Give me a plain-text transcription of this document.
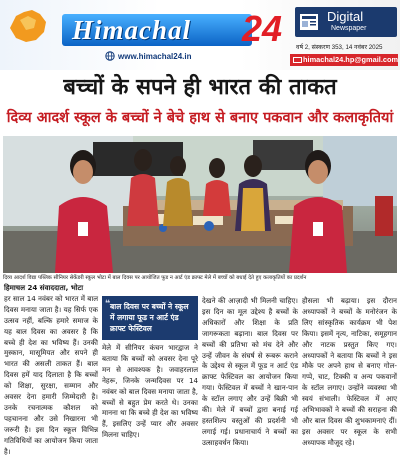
Himachal	24
www.himachal24.in
Digital
Newspaper
वर्ष 2, संस्करण 353, 14 नवंबर 2025
himachal24.hp@gmail.com
बच्चों के सपने ही भारत की ताकत
दिव्य आदर्श स्कूल के बच्चों ने बेचे हाथ से बनाए पकवान और कलाकृतियां
दिव्य आदर्श विद्या पब्लिक सीनियर सेकेंडरी स्कूल भोटा में बाल दिवस पर आयोजित फूड न आर्ट एंड क्राफ्ट मेले में बच्चों को बधाई देते हुए कलाकृतियों का प्रदर्शन
हिमाचल 24 संवाददाता, भोटा
हर साल 14 नवंबर को भारत में बाल दिवस मनाया जाता है। यह सिर्फ एक उत्सव नहीं, बल्कि हमारे समाज के यह बाल दिवस का अवसर है कि बच्चे ही देश का भविष्य हैं। उनकी मुस्कान, मासूमियत और सपने ही भारत की असली ताकत हैं। बाल दिवस हमें याद दिलाता है कि बच्चों को शिक्षा, सुरक्षा, सम्मान और अवसर देना हमारी जिम्मेदारी है। उनके रचनात्मक कौशल को पहचानना और उसे निखारना भी जरूरी है। इस दिन स्कूल विभिन्न गतिविधियों का आयोजन किया जाता है।
❝ बाल दिवस पर बच्चों ने स्कूल में लगाया फूड न आर्ट एंड क्राफ्ट फेस्टिवल
मेले में सीनियर कंचन भारद्वाज ने बताया कि बच्चों को अवसर देना पूरे मन से आवश्यक है। जवाहरलाल नेहरू, जिनके जन्मदिवस पर 14 नवंबर को बाल दिवस मनाया जाता है, बच्चों से बहुत प्रेम करते थे। उनका मानना था कि बच्चे ही देश का भविष्य हैं, इसलिए उन्हें प्यार और अवसर मिलना चाहिए।
देखने की आज़ादी भी मिलनी चाहिए। इस दिन का मूल उद्देश्य है बच्चों के अधिकारों और शिक्षा के प्रति जागरूकता बढ़ाना। बाल दिवस पर बच्चों की प्रतिभा को मंच देने और उन्हें जीवन के संघर्ष से रूबरू कराने के उद्देश्य से स्कूल में फूड न आर्ट एंड क्राफ्ट फेस्टिवल का आयोजन किया गया। फेस्टिवल में बच्चों ने खान-पान के स्टॉल लगाए और उन्हें बिक्री भी की। मेले में बच्चों द्वारा बनाई गई हस्तशिल्प वस्तुओं की प्रदर्शनी भी लगाई गई। प्रधानाचार्य ने बच्चों का उत्साहवर्धन किया।
हौसला भी बढ़ाया। इस दौरान अध्यापकों ने बच्चों के मनोरंजन के लिए सांस्कृतिक कार्यक्रम भी पेश किया। इसमें नृत्य, नाटिका, समूहगान और नाटक प्रस्तुत किए गए। अध्यापकों ने बताया कि बच्चों ने इस मौके पर अपने हाथ से बनाए गोल-गप्पे, चाट, टिक्की व अन्य पकवानों के स्टॉल लगाए। उन्होंने व्यवस्था भी स्वयं संभाली। फेस्टिवल में आए अभिभावकों ने बच्चों की सराहना की और बाल दिवस की शुभकामनाएं दीं। इस अवसर पर स्कूल के सभी अध्यापक मौजूद रहे।
